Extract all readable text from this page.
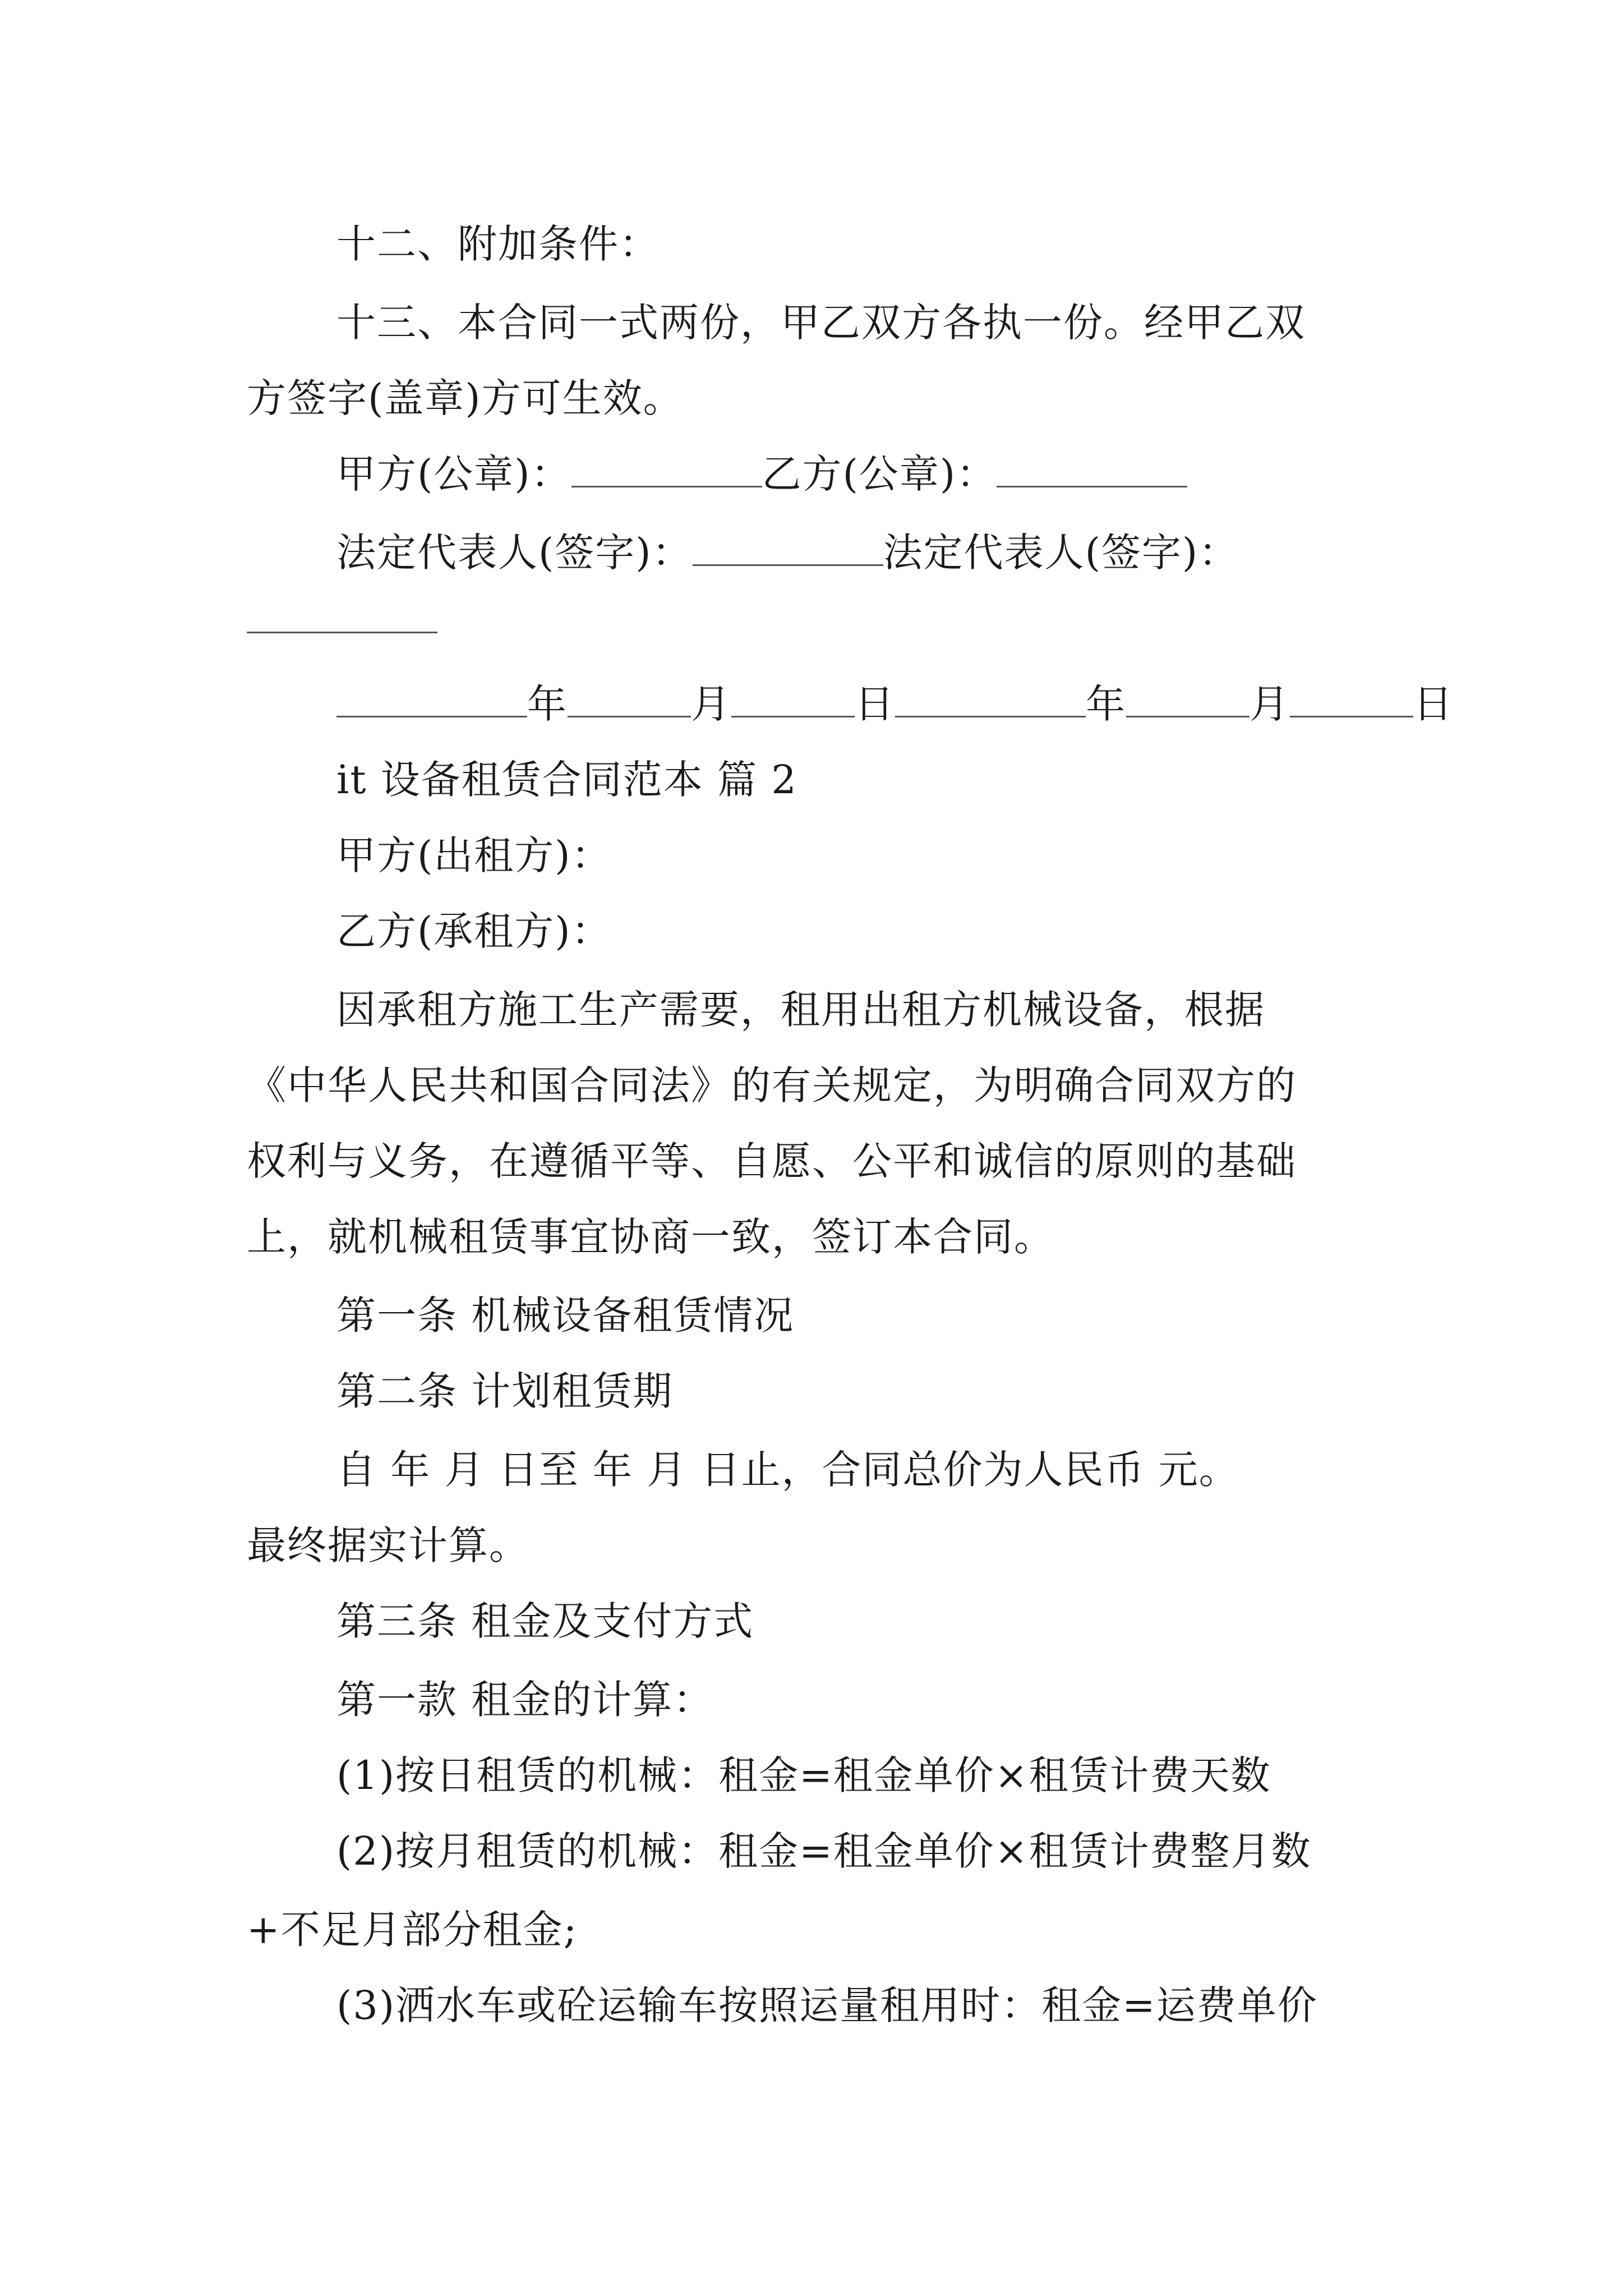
十二、附加条件：
十三、本合同一式两份，甲乙双方各执一份。经甲乙双
方签字(盖章)方可生效。
甲方(公章)：	乙方(公章)：
法定代表人(签字)：	法定代表人(签字)：
年	月	日	年	月	日
it 设备租赁合同范本 篇 2
甲方(出租方)：
乙方(承租方)：
因承租方施工生产需要，租用出租方机械设备，根据
《中华人民共和国合同法》的有关规定，为明确合同双方的
权利与义务，在遵循平等、自愿、公平和诚信的原则的基础
上，就机械租赁事宜协商一致，签订本合同。
第一条 机械设备租赁情况
第二条 计划租赁期
自 年 月 日至 年 月 日止，合同总价为人民币 元。
最终据实计算。
第三条 租金及支付方式
第一款 租金的计算：
(1)按日租赁的机械：租金=租金单价×租赁计费天数
(2)按月租赁的机械：租金=租金单价×租赁计费整月数
+不足月部分租金;
(3)洒水车或砼运输车按照运量租用时：租金=运费单价
